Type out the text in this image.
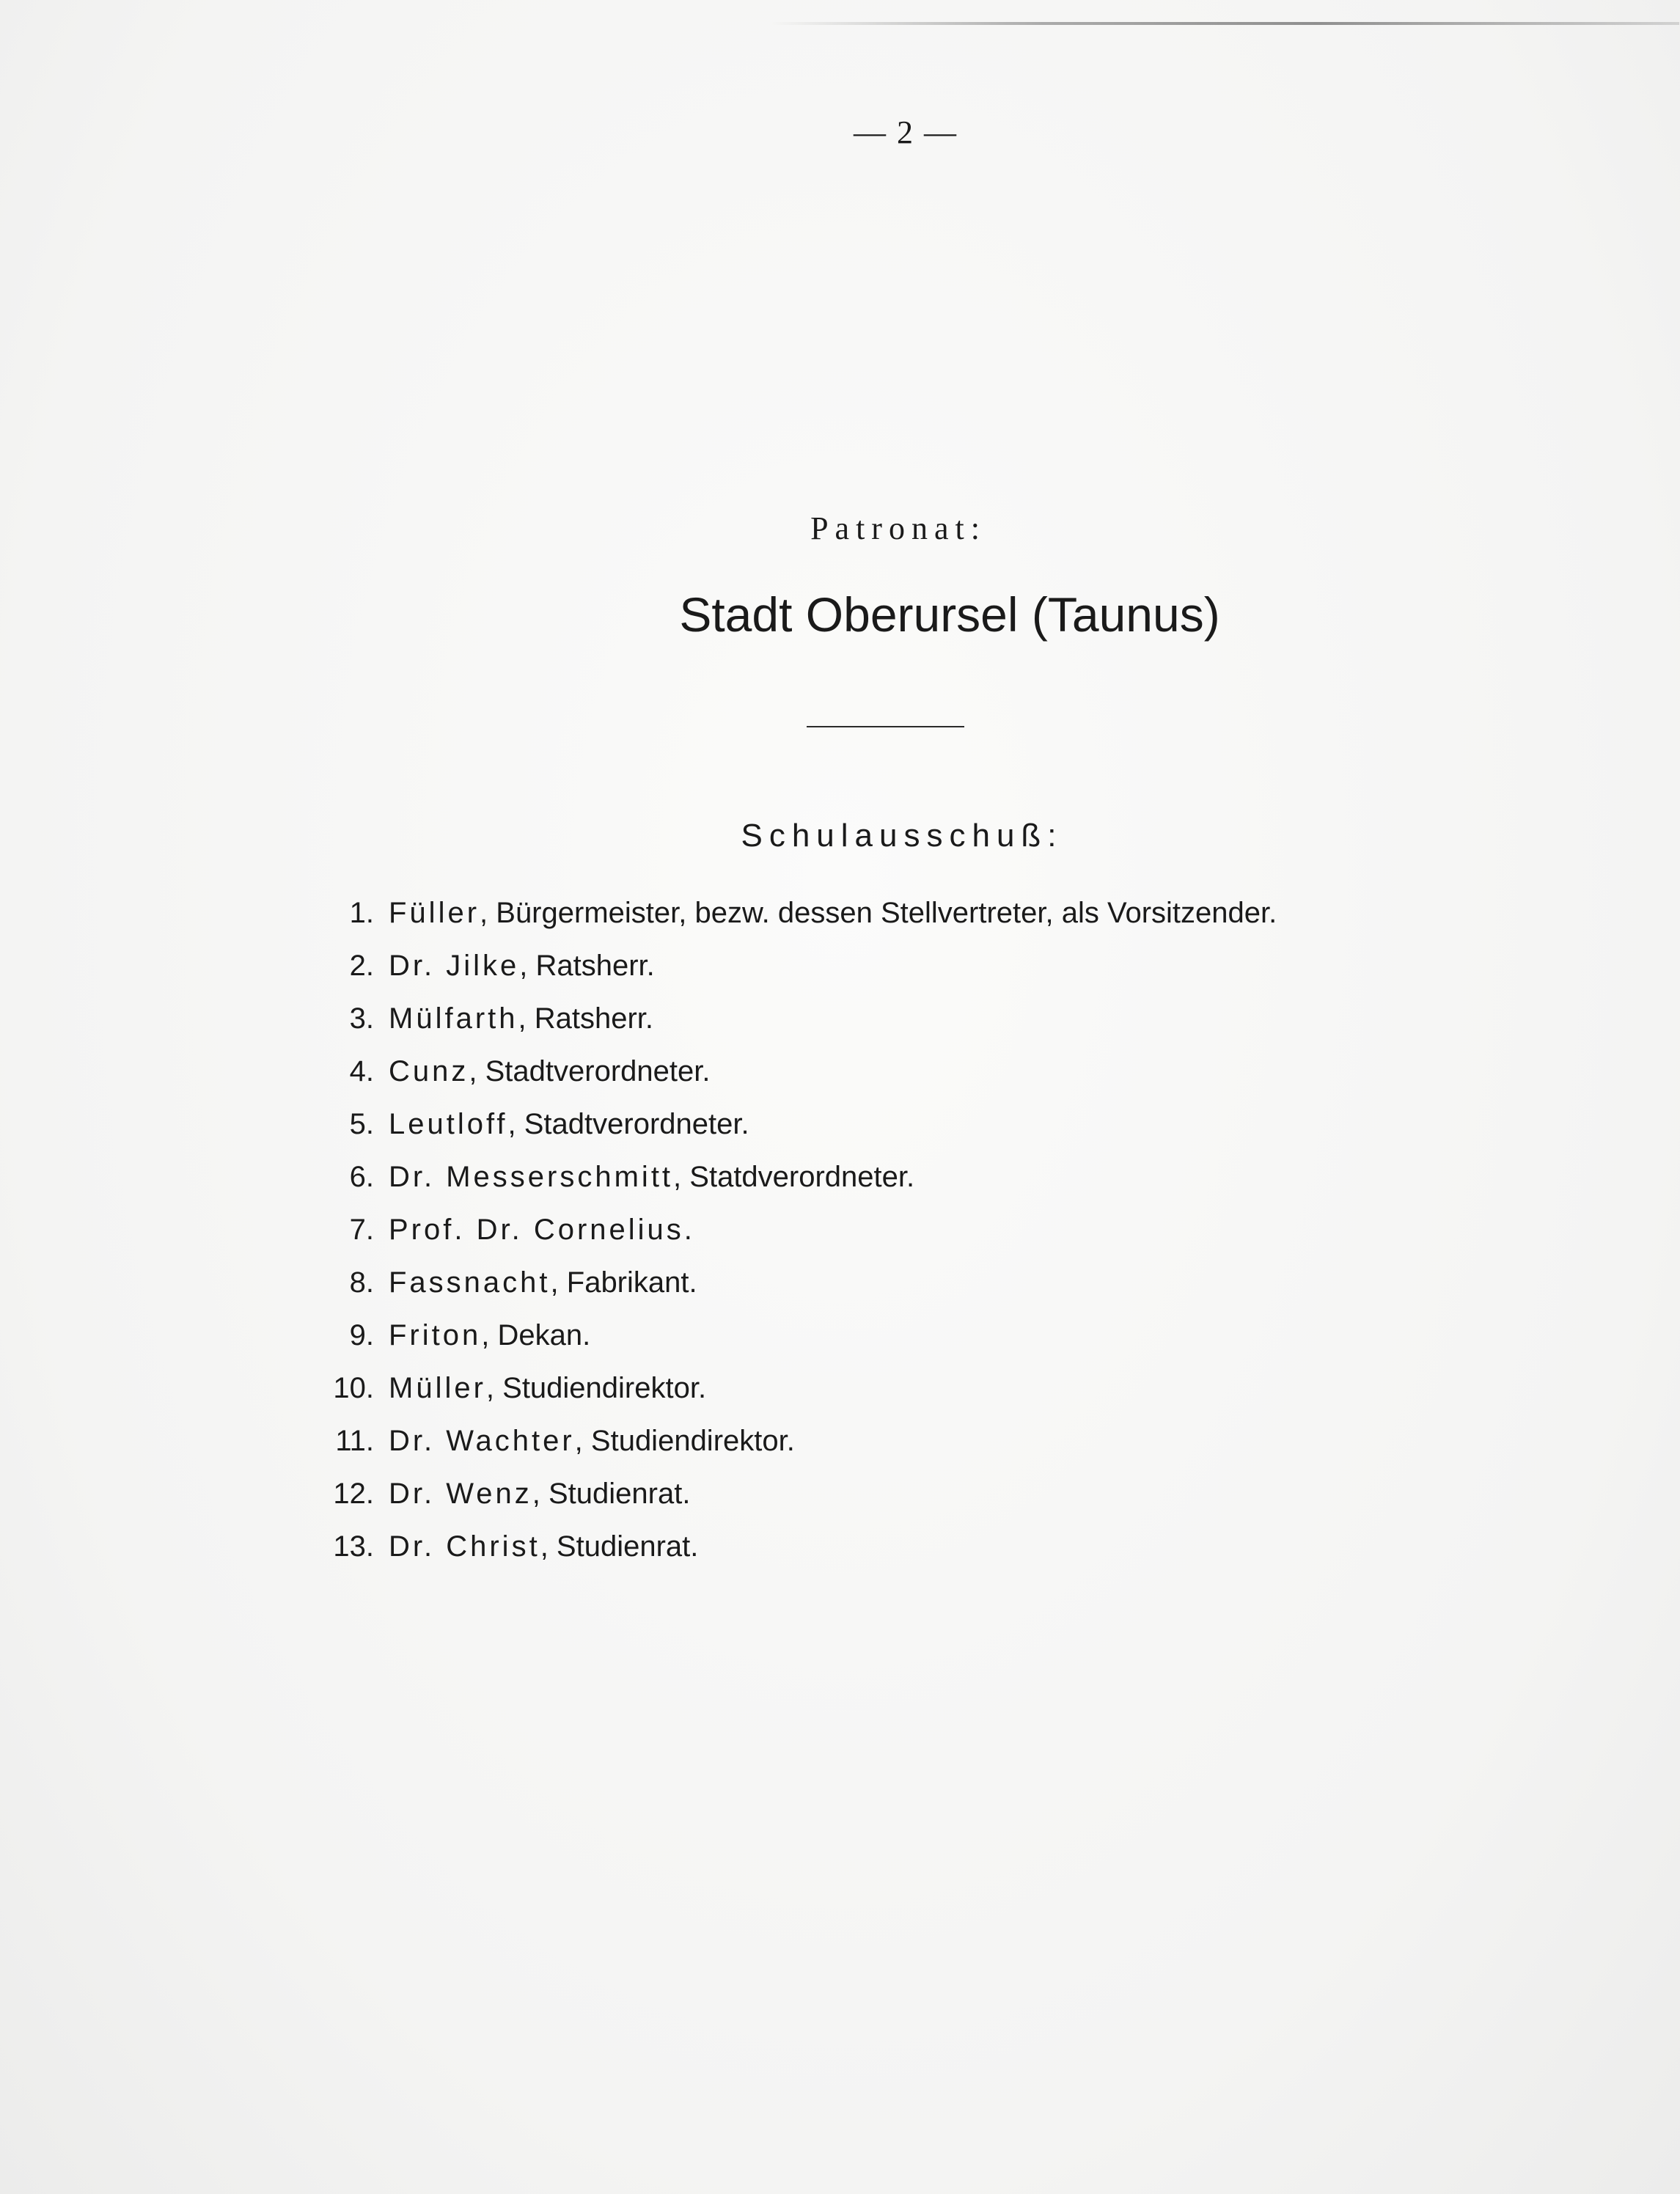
— 2 —
Patronat:
Stadt Oberursel (Taunus)
Schulausschuß:
1. Füller, Bürgermeister, bezw. dessen Stellvertreter, als Vorsitzender.
2. Dr. Jilke, Ratsherr.
3. Mülfarth, Ratsherr.
4. Cunz, Stadtverordneter.
5. Leutloff, Stadtverordneter.
6. Dr. Messerschmitt, Statdverordneter.
7. Prof. Dr. Cornelius.
8. Fassnacht, Fabrikant.
9. Friton, Dekan.
10. Müller, Studiendirektor.
11. Dr. Wachter, Studiendirektor.
12. Dr. Wenz, Studienrat.
13. Dr. Christ, Studienrat.
